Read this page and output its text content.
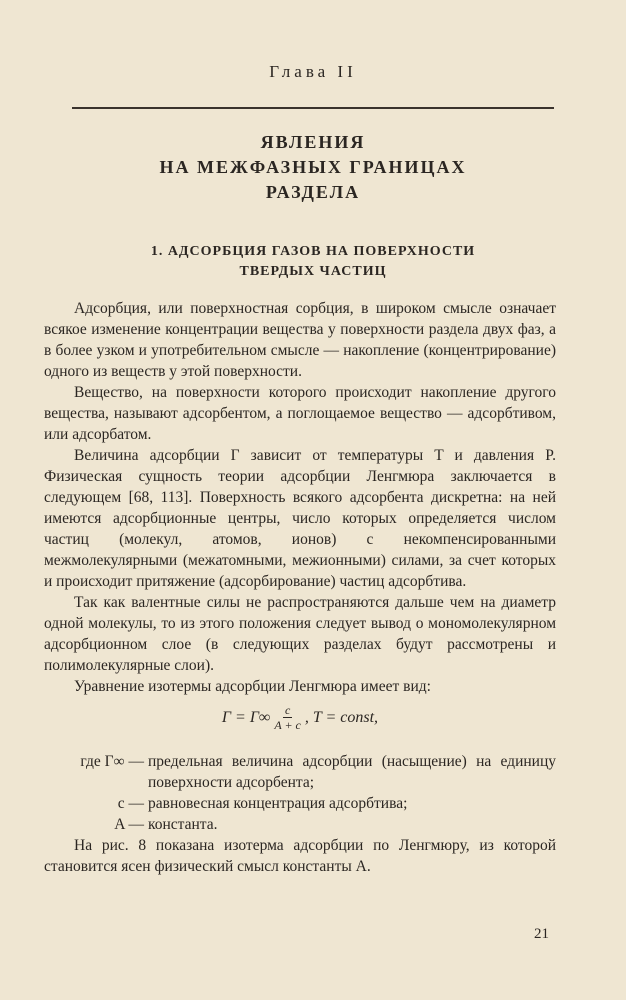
Глава II
ЯВЛЕНИЯ
НА МЕЖФАЗНЫХ ГРАНИЦАХ
РАЗДЕЛА
1. АДСОРБЦИЯ ГАЗОВ НА ПОВЕРХНОСТИ
ТВЕРДЫХ ЧАСТИЦ

Адсорбция, или поверхностная сорбция, в широком смысле означает всякое изменение концентрации вещества у поверхности раздела двух фаз, а в более узком и употребительном смысле — накопление (концентрирование) одного из веществ у этой поверхности.

Вещество, на поверхности которого происходит накопление другого вещества, называют адсорбентом, а поглощаемое вещество — адсорбтивом, или адсорбатом.

Величина адсорбции Γ зависит от температуры T и давления P. Физическая сущность теории адсорбции Ленгмюра заключается в следующем [68, 113]. Поверхность всякого адсорбента дискретна: на ней имеются адсорбционные центры, число которых определяется числом частиц (молекул, атомов, ионов) с некомпенсированными межмолекулярными (межатомными, межионными) силами, за счет которых и происходит притяжение (адсорбирование) частиц адсорбтива.

Так как валентные силы не распространяются дальше чем на диаметр одной молекулы, то из этого положения следует вывод о мономолекулярном адсорбционном слое (в следующих разделах будут рассмотрены и полимолекулярные слои).

Уравнение изотермы адсорбции Ленгмюра имеет вид:

$\Gamma = \Gamma\infty \frac{c}{A + c}$ , T = const,
где Γ∞ — предельная величина адсорбции (насыщение) на единицу поверхности адсорбента;
c — равновесная концентрация адсорбтива;
A — константа.

На рис. 8 показана изотерма адсорбции по Ленгмюру, из которой становится ясен физический смысл константы A.

21
